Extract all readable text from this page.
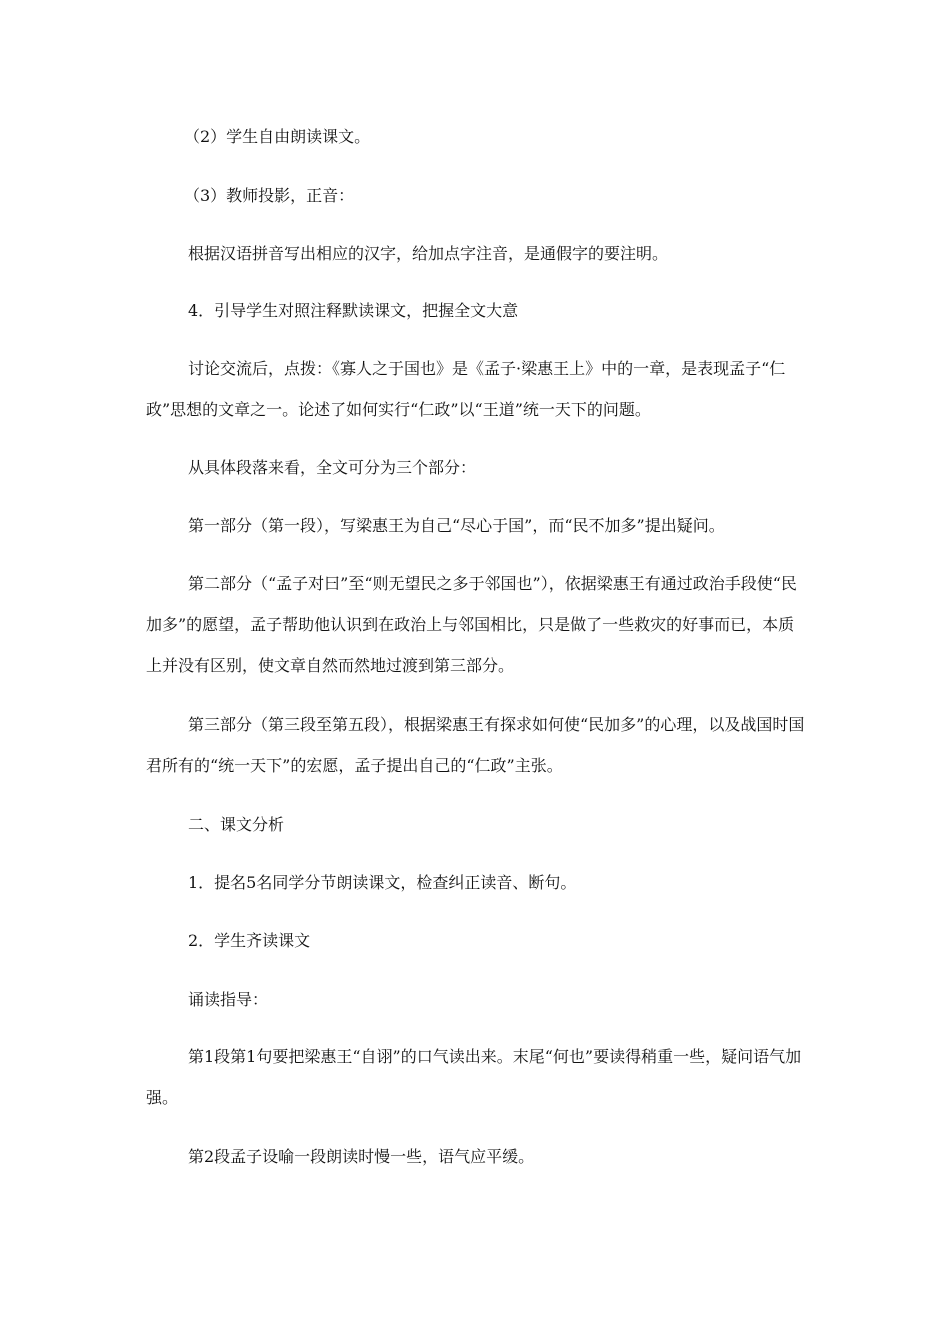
（2）学生自由朗读课文。

（3）教师投影，正音：

根据汉语拼音写出相应的汉字，给加点字注音，是通假字的要注明。

4．引导学生对照注释默读课文，把握全文大意

讨论交流后，点拨：《寡人之于国也》是《孟子·梁惠王上》中的一章，是表现孟子“仁政”思想的文章之一。论述了如何实行“仁政”以“王道”统一天下的问题。

从具体段落来看，全文可分为三个部分：

第一部分（第一段），写梁惠王为自己“尽心于国”，而“民不加多”提出疑问。

第二部分（“孟子对曰”至“则无望民之多于邻国也”），依据梁惠王有通过政治手段使“民加多”的愿望，孟子帮助他认识到在政治上与邻国相比，只是做了一些救灾的好事而已，本质上并没有区别，使文章自然而然地过渡到第三部分。

第三部分（第三段至第五段），根据梁惠王有探求如何使“民加多”的心理，以及战国时国君所有的“统一天下”的宏愿，孟子提出自己的“仁政”主张。

二、课文分析

1．提名5名同学分节朗读课文，检查纠正读音、断句。

2．学生齐读课文

诵读指导：

第1段第1句要把梁惠王“自诩”的口气读出来。末尾“何也”要读得稍重一些，疑问语气加强。

第2段孟子设喻一段朗读时慢一些，语气应平缓。
